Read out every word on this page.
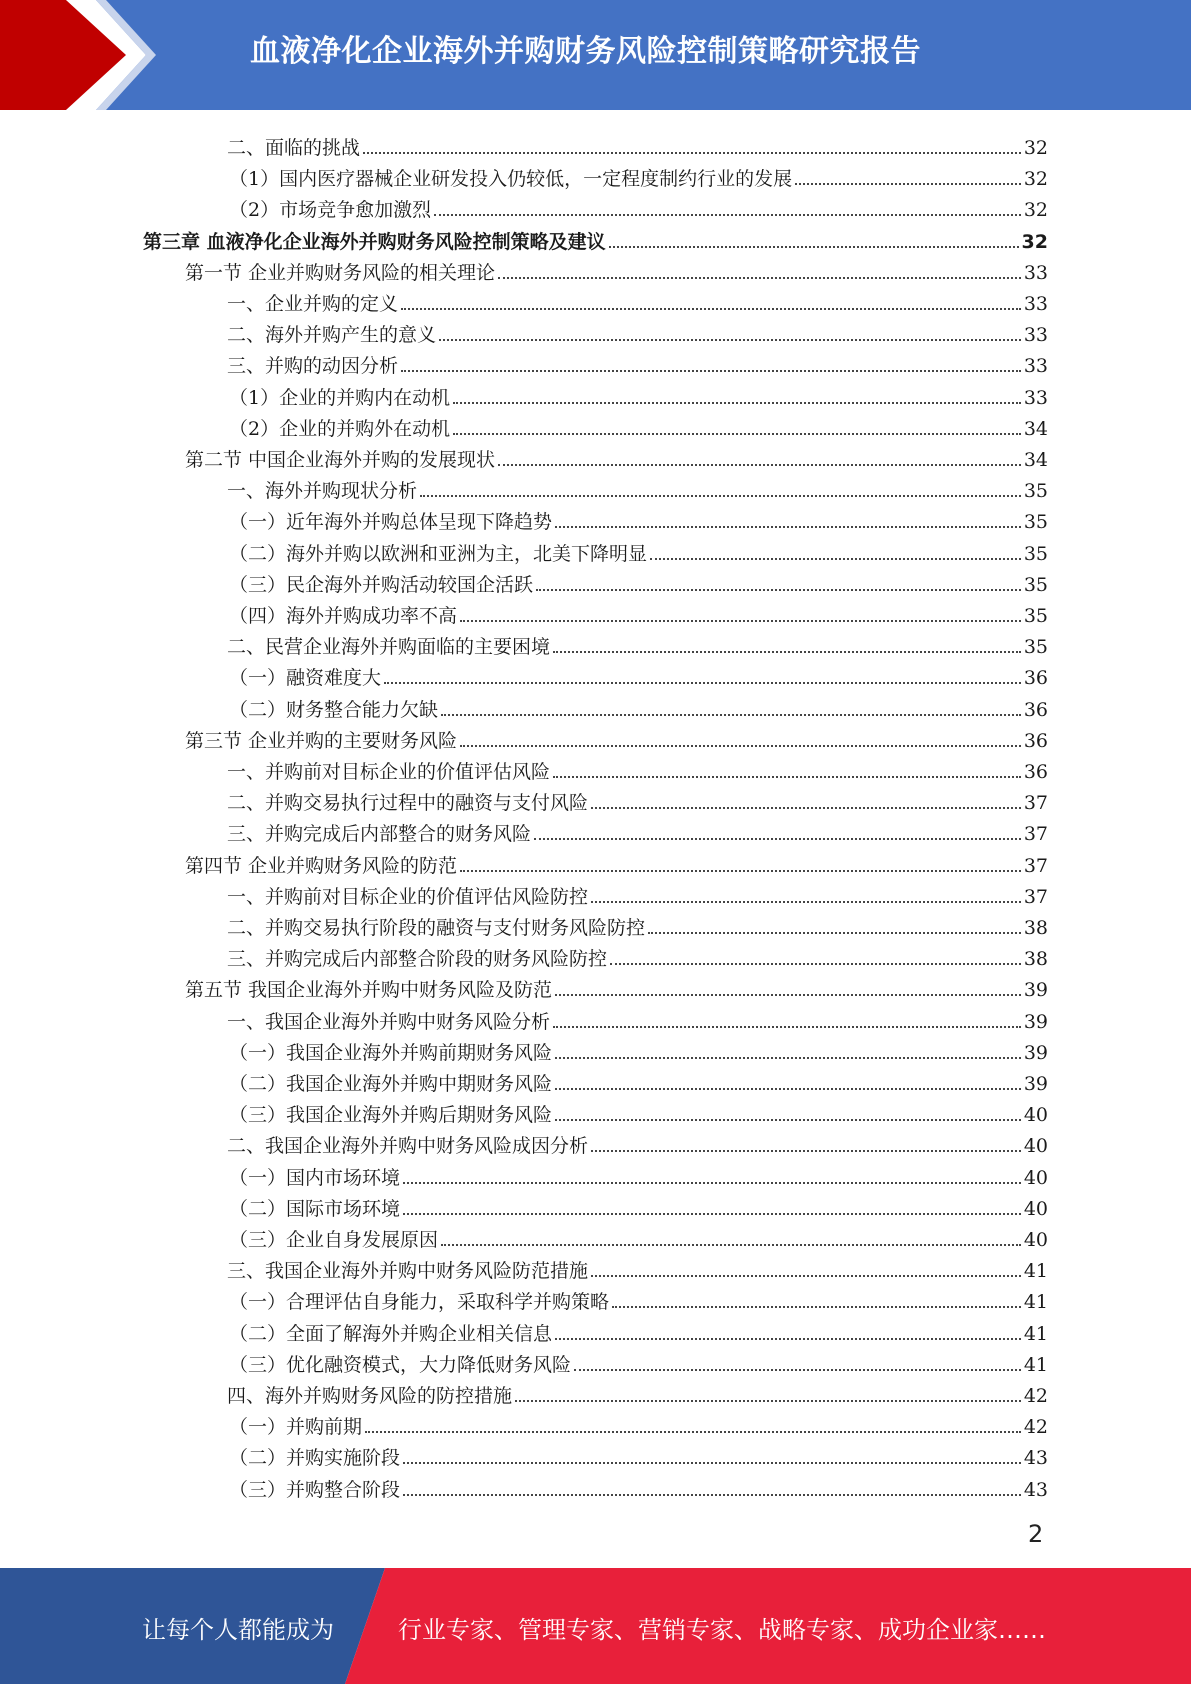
血液净化企业海外并购财务风险控制策略研究报告
二、面临的挑战	32
（1）国内医疗器械企业研发投入仍较低，一定程度制约行业的发展	32
（2）市场竞争愈加激烈	32
第三章 血液净化企业海外并购财务风险控制策略及建议	32
第一节 企业并购财务风险的相关理论	33
一、企业并购的定义	33
二、海外并购产生的意义	33
三、并购的动因分析	33
（1）企业的并购内在动机	33
（2）企业的并购外在动机	34
第二节 中国企业海外并购的发展现状	34
一、海外并购现状分析	35
（一）近年海外并购总体呈现下降趋势	35
（二）海外并购以欧洲和亚洲为主，北美下降明显	35
（三）民企海外并购活动较国企活跃	35
（四）海外并购成功率不高	35
二、民营企业海外并购面临的主要困境	35
（一）融资难度大	36
（二）财务整合能力欠缺	36
第三节 企业并购的主要财务风险	36
一、并购前对目标企业的价值评估风险	36
二、并购交易执行过程中的融资与支付风险	37
三、并购完成后内部整合的财务风险	37
第四节 企业并购财务风险的防范	37
一、并购前对目标企业的价值评估风险防控	37
二、并购交易执行阶段的融资与支付财务风险防控	38
三、并购完成后内部整合阶段的财务风险防控	38
第五节 我国企业海外并购中财务风险及防范	39
一、我国企业海外并购中财务风险分析	39
（一）我国企业海外并购前期财务风险	39
（二）我国企业海外并购中期财务风险	39
（三）我国企业海外并购后期财务风险	40
二、我国企业海外并购中财务风险成因分析	40
（一）国内市场环境	40
（二）国际市场环境	40
（三）企业自身发展原因	40
三、我国企业海外并购中财务风险防范措施	41
（一）合理评估自身能力，采取科学并购策略	41
（二）全面了解海外并购企业相关信息	41
（三）优化融资模式，大力降低财务风险	41
四、海外并购财务风险的防控措施	42
（一）并购前期	42
（二）并购实施阶段	43
（三）并购整合阶段	43
2
让每个人都能成为	行业专家、管理专家、营销专家、战略专家、成功企业家……
